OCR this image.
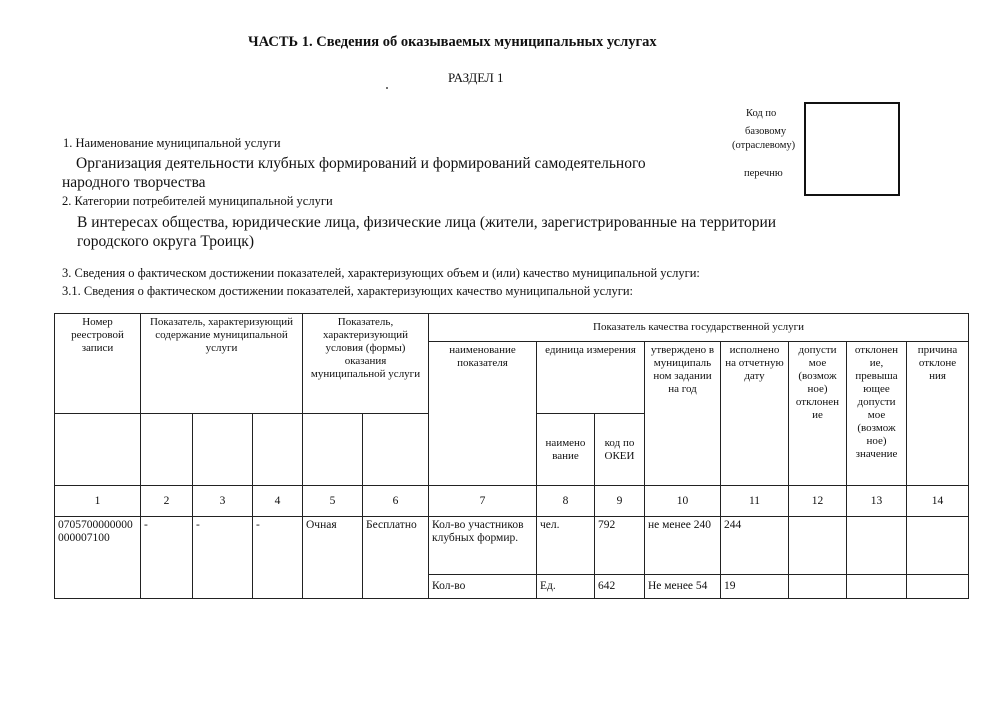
ЧАСТЬ 1. Сведения об оказываемых муниципальных услугах
РАЗДЕЛ 1
Код по
базовому
(отраслевому)
перечню
1. Наименование муниципальной услуги
Организация деятельности клубных формирований и формирований самодеятельного
народного творчества
2. Категории потребителей муниципальной услуги
В интересах общества, юридические лица, физические лица (жители, зарегистрированные на территории
городского округа Троицк)
3. Сведения о фактическом достижении показателей, характеризующих объем и (или) качество муниципальной услуги:
3.1. Сведения о фактическом достижении показателей, характеризующих качество муниципальной услуги:
Номер реестровой записи	Показатель, характеризующий содержание муниципальной услуги			Показатель, характеризующий условия (формы) оказания муниципальной услуги		Показатель качества государственной услуги							
						наименование показателя	единица измерения		утверждено в муниципаль ном задании на год	исполнено на отчетную дату	допусти мое (возмож ное) отклонен ие	отклонен ие, превыша ющее допусти мое (возмож ное) значение	причина отклоне ния
							наимено вание	код по ОКЕИ					
1	2	3	4	5	6	7	8	9	10	11	12	13	14
0705700000000000007100	-	-	-	Очная	Бесплатно	Кол-во участников клубных формир.	чел.	792	не менее 240	244			
						Кол-во	Ед.	642	Не менее 54	19			
